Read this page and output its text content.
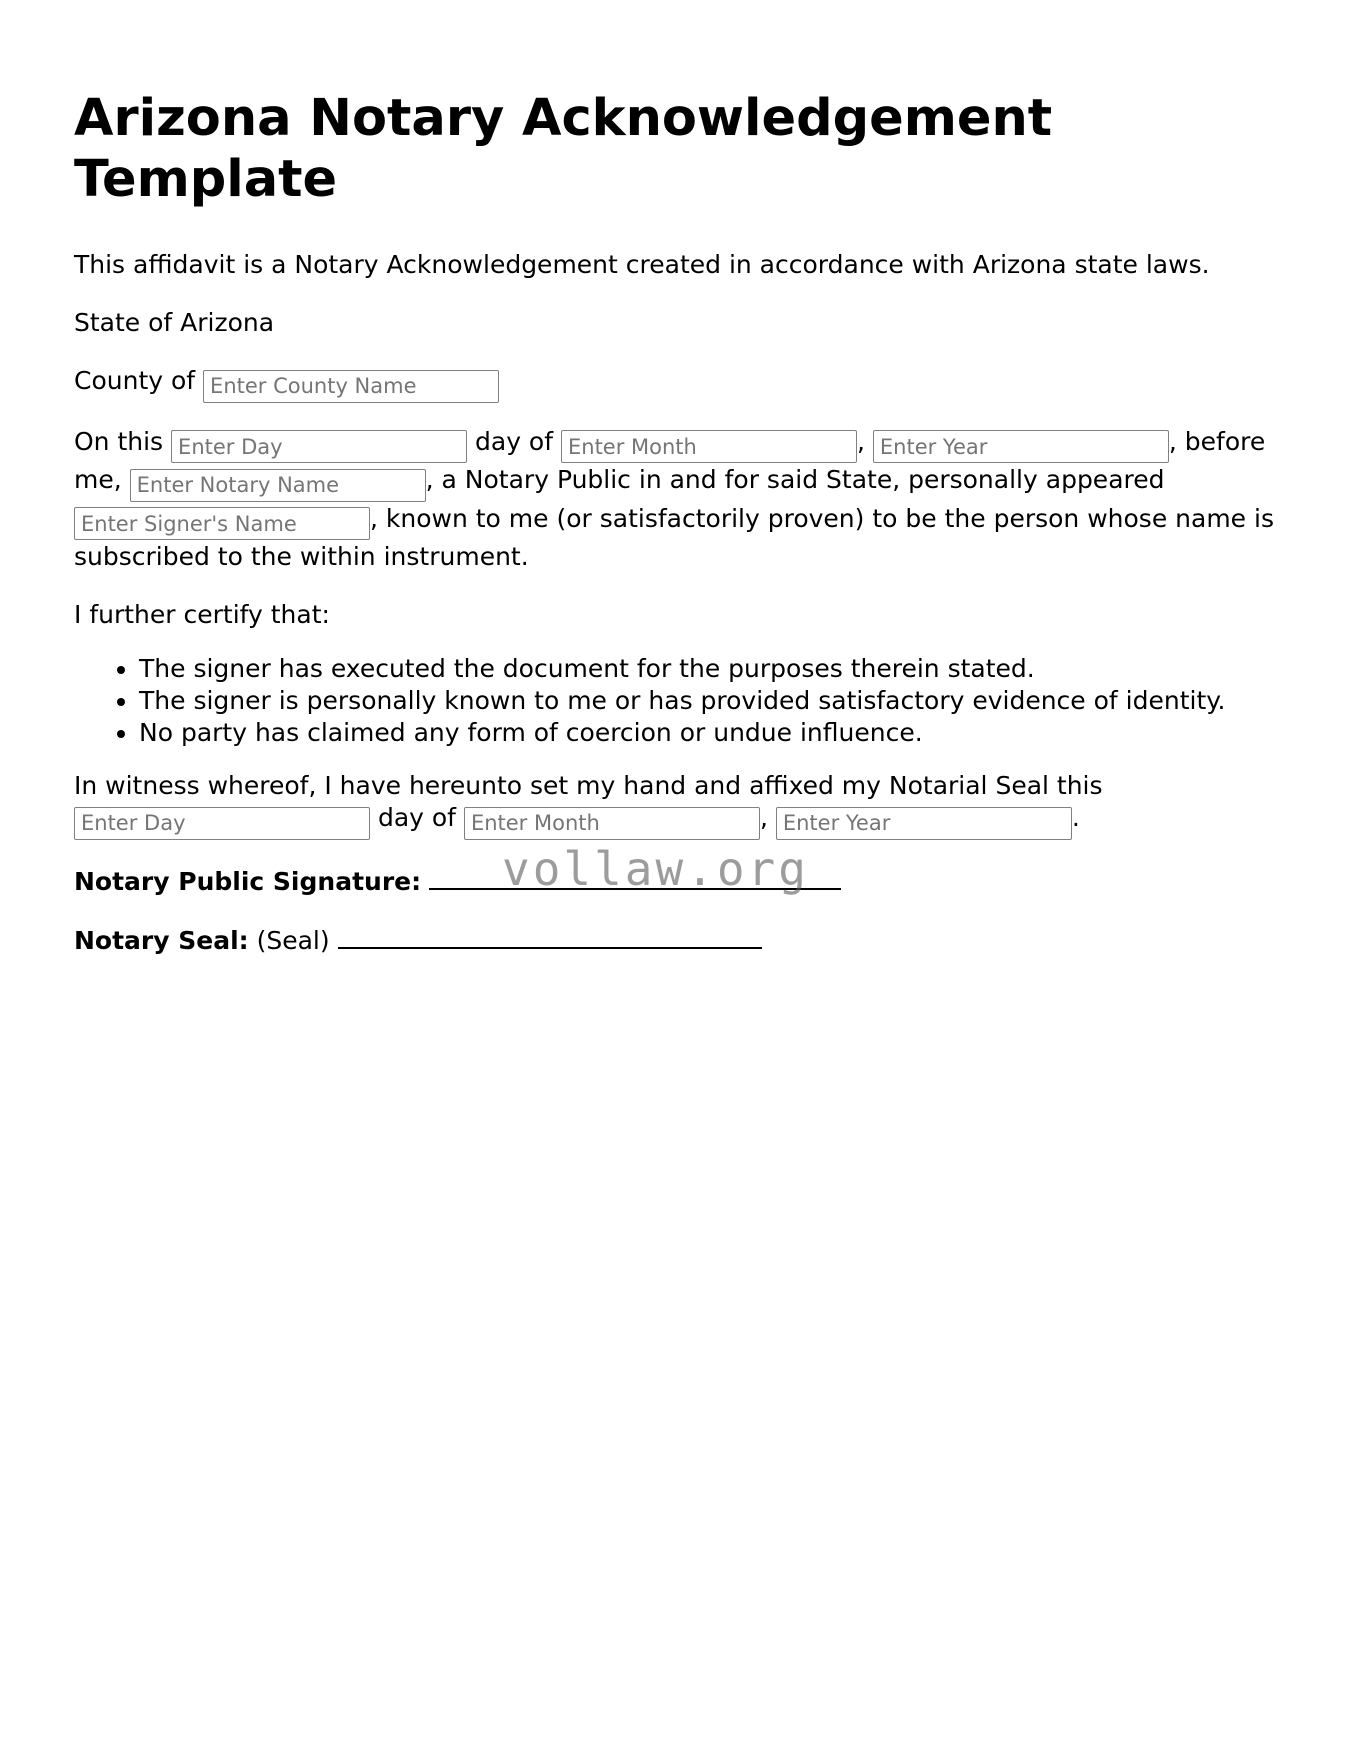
Arizona Notary Acknowledgement Template

This affidavit is a Notary Acknowledgement created in accordance with Arizona state laws.

State of Arizona

County of Enter County Name

On this Enter Day	day of Enter Month	, Enter Year	, before me, Enter Notary Name	, a Notary Public in and for said State, personally appeared Enter Signer's Name, known to me (or satisfactorily proven) to be the person whose name is subscribed to the within instrument.

I further certify that:

• The signer has executed the document for the purposes therein stated.
• The signer is personally known to me or has provided satisfactory evidence of identity.
• No party has claimed any form of coercion or undue influence.

In witness whereof, I have hereunto set my hand and affixed my Notarial Seal this Enter Day day of Enter Month	, Enter Year	.

Notary Public Signature:

Notary Seal: (Seal)

vollaw.org
